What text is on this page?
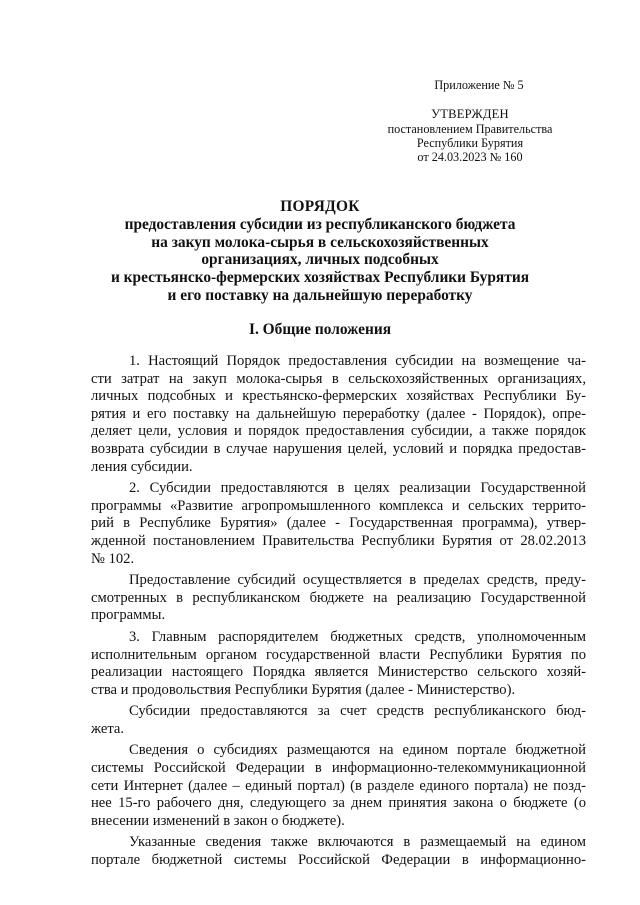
Приложение № 5
УТВЕРЖДЕН
постановлением Правительства
Республики Бурятия
от 24.03.2023 № 160
ПОРЯДОК
предоставления субсидии из республиканского бюджета
на закуп молока-сырья в сельскохозяйственных
организациях, личных подсобных
и крестьянско-фермерских хозяйствах Республики Бурятия
и его поставку на дальнейшую переработку
I. Общие положения
1. Настоящий Порядок предоставления субсидии на возмещение ча-
сти затрат на закуп молока-сырья в сельскохозяйственных организациях,
личных подсобных и крестьянско-фермерских хозяйствах Республики Бу-
рятия и его поставку на дальнейшую переработку (далее - Порядок), опре-
деляет цели, условия и порядок предоставления субсидии, а также порядок
возврата субсидии в случае нарушения целей, условий и порядка предостав-
ления субсидии.
2. Субсидии предоставляются в целях реализации Государственной
программы «Развитие агропромышленного комплекса и сельских террито-
рий в Республике Бурятия» (далее - Государственная программа), утвер-
жденной постановлением Правительства Республики Бурятия от 28.02.2013
№ 102.
Предоставление субсидий осуществляется в пределах средств, преду-
смотренных в республиканском бюджете на реализацию Государственной
программы.
3. Главным распорядителем бюджетных средств, уполномоченным
исполнительным органом государственной власти Республики Бурятия по
реализации настоящего Порядка является Министерство сельского хозяй-
ства и продовольствия Республики Бурятия (далее - Министерство).
Субсидии предоставляются за счет средств республиканского бюд-
жета.
Сведения о субсидиях размещаются на едином портале бюджетной
системы Российской Федерации в информационно-телекоммуникационной
сети Интернет (далее – единый портал) (в разделе единого портала) не позд-
нее 15-го рабочего дня, следующего за днем принятия закона о бюджете (о
внесении изменений в закон о бюджете).
Указанные сведения также включаются в размещаемый на едином
портале бюджетной системы Российской Федерации в информационно-
